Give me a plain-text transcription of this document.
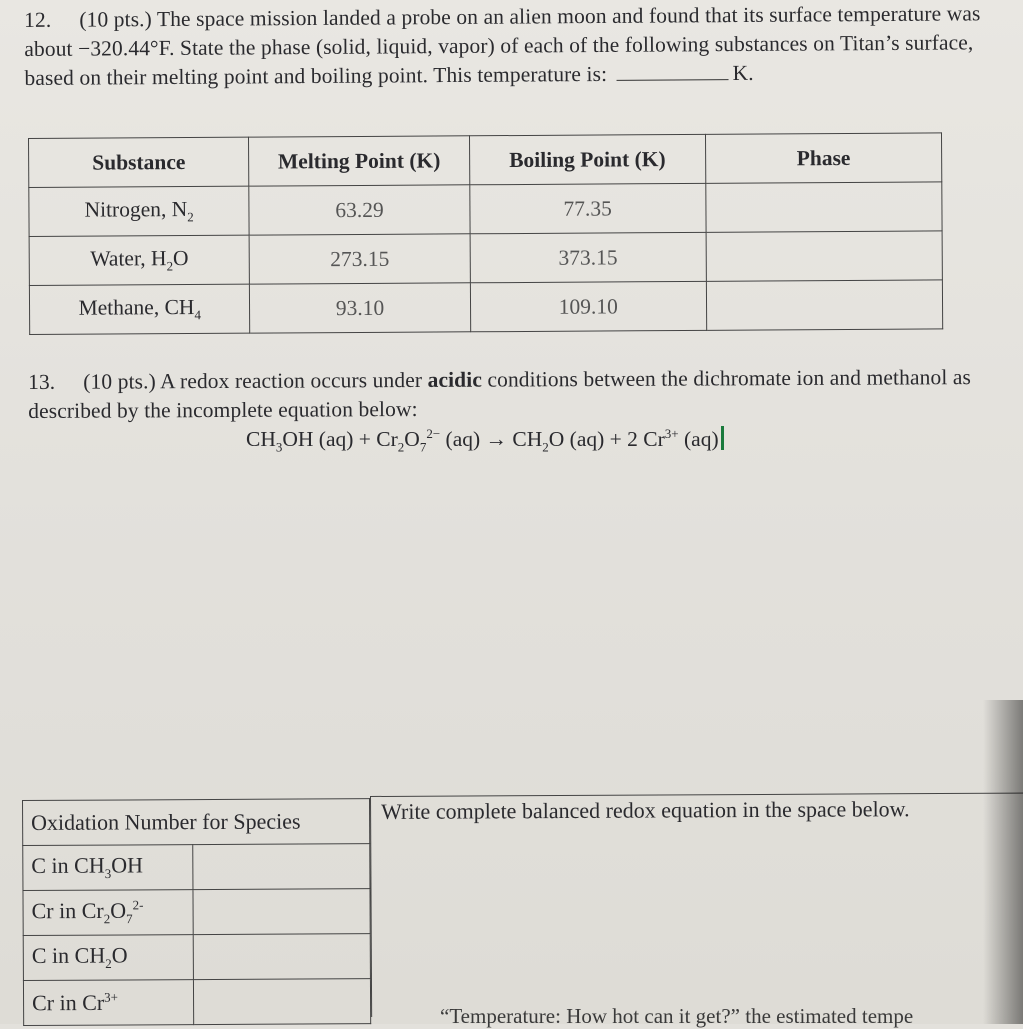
12. (10 pts.) The space mission landed a probe on an alien moon and found that its surface temperature was about −320.44°F. State the phase (solid, liquid, vapor) of each of the following substances on Titan’s surface, based on their melting point and boiling point. This temperature is:	K.
Substance	Melting Point (K)	Boiling Point (K)	Phase
Nitrogen, $N_2$	63.29	77.35	
Water, $H_2O$	273.15	373.15	
Methane, $CH_4$	93.10	109.10	
13. (10 pts.) A redox reaction occurs under acidic conditions between the dichromate ion and methanol as described by the incomplete equation below:
$CH_3OH$ $(aq) + Cr_2O_7^{2-}$ $(aq) \to CH_2O$ (aq) + 2 $Cr^{3+}$ (aq)
Oxidation Number for Species	
C in $CH_3OH$	
Cr in $Cr_2O_7^{2-}$	
C in $CH_2O$	
Cr in $Cr^{3+}$	
Write complete balanced redox equation in the space below.
“Temperature: How hot can it get?” the estimated tempe
